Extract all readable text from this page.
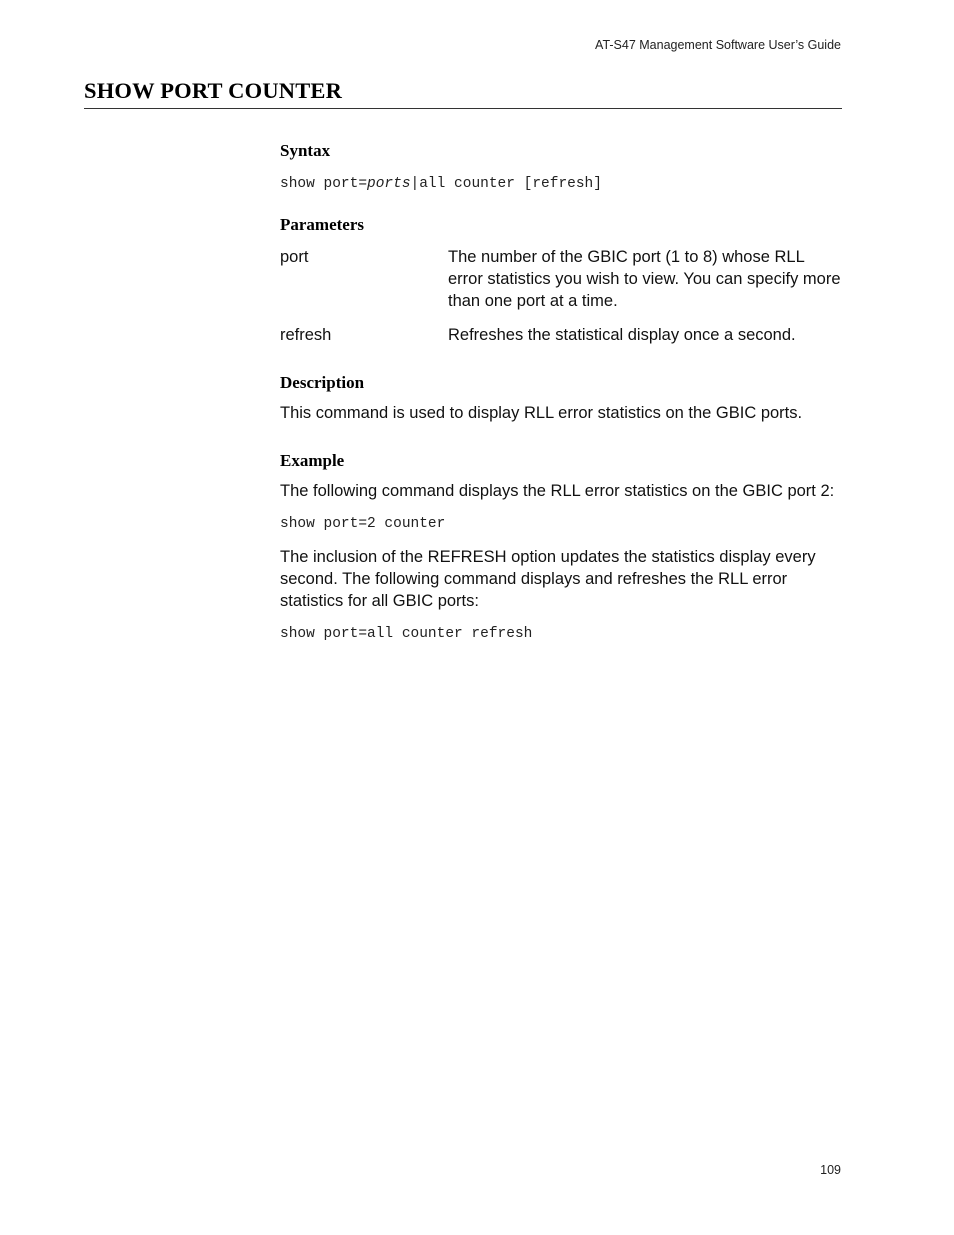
AT-S47 Management Software User’s Guide

SHOW PORT COUNTER
Syntax

show port=ports|all counter [refresh]

Parameters
port	The number of the GBIC port (1 to 8) whose RLL error statistics you wish to view. You can specify more than one port at a time.
refresh	Refreshes the statistical display once a second.
Description

This command is used to display RLL error statistics on the GBIC ports.

Example

The following command displays the RLL error statistics on the GBIC port 2:

show port=2 counter

The inclusion of the REFRESH option updates the statistics display every second. The following command displays and refreshes the RLL error statistics for all GBIC ports:

show port=all counter refresh

109
